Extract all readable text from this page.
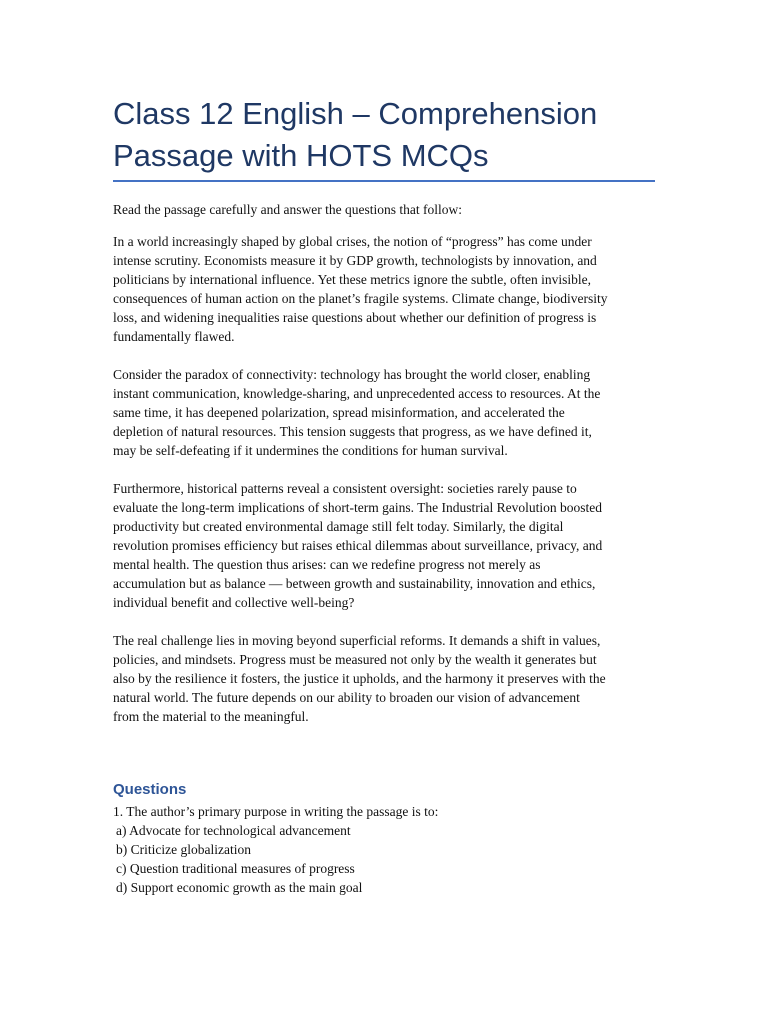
Class 12 English – Comprehension Passage with HOTS MCQs

Read the passage carefully and answer the questions that follow:

In a world increasingly shaped by global crises, the notion of “progress” has come under
intense scrutiny. Economists measure it by GDP growth, technologists by innovation, and
politicians by international influence. Yet these metrics ignore the subtle, often invisible,
consequences of human action on the planet’s fragile systems. Climate change, biodiversity
loss, and widening inequalities raise questions about whether our definition of progress is
fundamentally flawed.

Consider the paradox of connectivity: technology has brought the world closer, enabling
instant communication, knowledge-sharing, and unprecedented access to resources. At the
same time, it has deepened polarization, spread misinformation, and accelerated the
depletion of natural resources. This tension suggests that progress, as we have defined it,
may be self-defeating if it undermines the conditions for human survival.

Furthermore, historical patterns reveal a consistent oversight: societies rarely pause to
evaluate the long-term implications of short-term gains. The Industrial Revolution boosted
productivity but created environmental damage still felt today. Similarly, the digital
revolution promises efficiency but raises ethical dilemmas about surveillance, privacy, and
mental health. The question thus arises: can we redefine progress not merely as
accumulation but as balance — between growth and sustainability, innovation and ethics,
individual benefit and collective well-being?

The real challenge lies in moving beyond superficial reforms. It demands a shift in values,
policies, and mindsets. Progress must be measured not only by the wealth it generates but
also by the resilience it fosters, the justice it upholds, and the harmony it preserves with the
natural world. The future depends on our ability to broaden our vision of advancement
from the material to the meaningful.

Questions
1. The author’s primary purpose in writing the passage is to:
a) Advocate for technological advancement
b) Criticize globalization
c) Question traditional measures of progress
d) Support economic growth as the main goal
